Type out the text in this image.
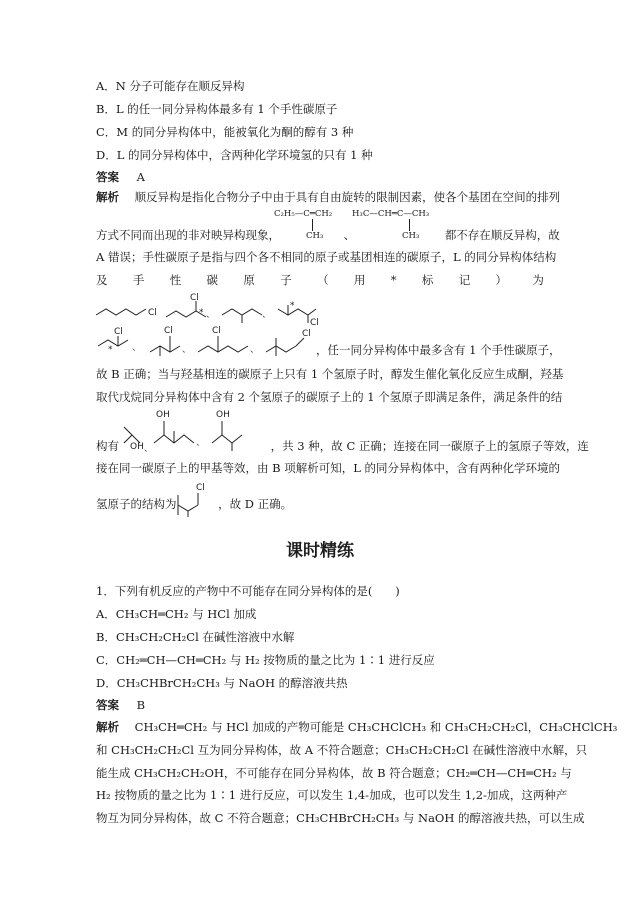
A．N 分子可能存在顺反异构
B．L 的任一同分异构体最多有 1 个手性碳原子
C．M 的同分异构体中，能被氧化为酮的醇有 3 种
D．L 的同分异构体中，含两种化学环境氢的只有 1 种
答案 A
解析 顺反异构是指化合物分子中由于具有自由旋转的限制因素，使各个基团在空间的排列
C₂H₅—C═CH₂
CH₃
H₃C—CH═C—CH₃
CH₃
方式不同而出现的非对映异构现象，	、	都不存在顺反异构，故
A 错误；手性碳原子是指与四个各不相同的原子或基团相连的碳原子，L 的同分异构体结构
及 手 性 碳 原 子 （ 用 * 标 记 ） 为
Cl
Cl
* 、	、
*
Cl
Cl
* 、
Cl
、
Cl
、
Cl
，任一同分异构体中最多含有 1 个手性碳原子，
故 B 正确；当与羟基相连的碳原子上只有 1 个氢原子时，醇发生催化氧化反应生成酮，羟基
取代戊烷同分异构体中含有 2 个氢原子的碳原子上的 1 个氢原子即满足条件，满足条件的结
OH 、
OH
、
OH
构有	，共 3 种，故 C 正确；连接在同一碳原子上的氢原子等效，连
接在同一碳原子上的甲基等效，由 B 项解析可知，L 的同分异构体中，含有两种化学环境的
Cl
氢原子的结构为	，故 D 正确。
课时精练
1．下列有机反应的产物中不可能存在同分异构体的是(　　)
A．CH₃CH═CH₂ 与 HCl 加成
B．CH₃CH₂CH₂Cl 在碱性溶液中水解
C．CH₂═CH—CH═CH₂ 与 H₂ 按物质的量之比为 1∶1 进行反应
D．CH₃CHBrCH₂CH₃ 与 NaOH 的醇溶液共热
答案 B
解析 CH₃CH═CH₂ 与 HCl 加成的产物可能是 CH₃CHClCH₃ 和 CH₃CH₂CH₂Cl，CH₃CHClCH₃
和 CH₃CH₂CH₂Cl 互为同分异构体，故 A 不符合题意；CH₃CH₂CH₂Cl 在碱性溶液中水解，只
能生成 CH₃CH₂CH₂OH，不可能存在同分异构体，故 B 符合题意；CH₂═CH—CH═CH₂ 与
H₂ 按物质的量之比为 1∶1 进行反应，可以发生 1,4-加成，也可以发生 1,2-加成，这两种产
物互为同分异构体，故 C 不符合题意；CH₃CHBrCH₂CH₃ 与 NaOH 的醇溶液共热，可以生成
